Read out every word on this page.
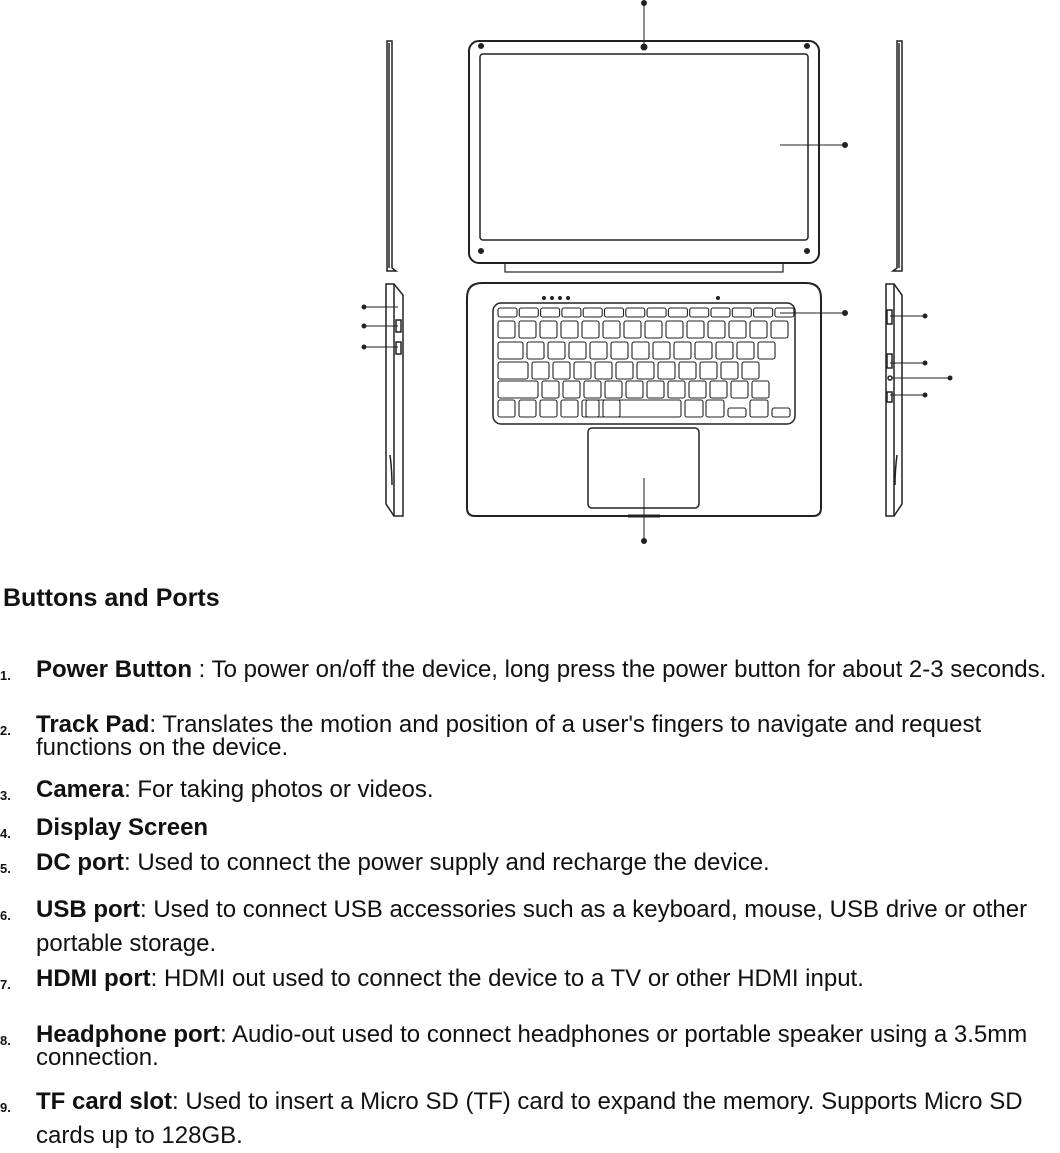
Buttons and Ports
1. Power Button : To power on/off the device, long press the power button for about 2-3 seconds.
2. Track Pad: Translates the motion and position of a user's fingers to navigate and request functions on the device.
3. Camera: For taking photos or videos.
4. Display Screen
5. DC port: Used to connect the power supply and recharge the device.
6. USB port: Used to connect USB accessories such as a keyboard, mouse, USB drive or other portable storage.
7. HDMI port: HDMI out used to connect the device to a TV or other HDMI input.
8. Headphone port: Audio-out used to connect headphones or portable speaker using a 3.5mm connection.
9. TF card slot: Used to insert a Micro SD (TF) card to expand the memory. Supports Micro SD cards up to 128GB.
